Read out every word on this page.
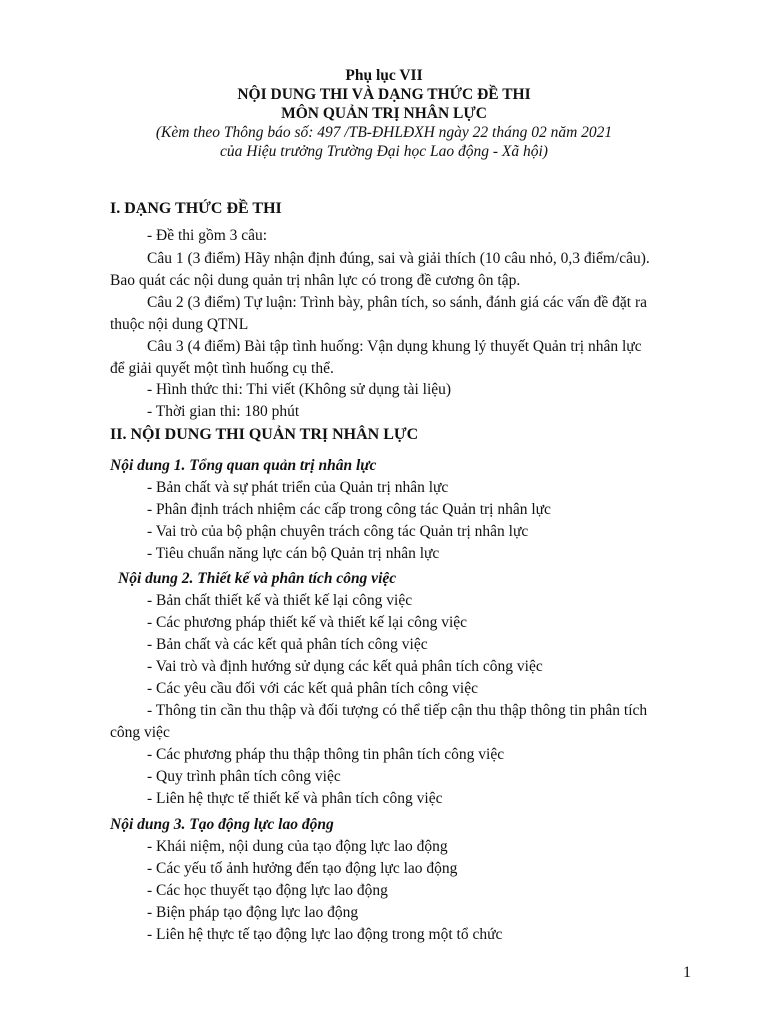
Phụ lục VII
NỘI DUNG THI VÀ DẠNG THỨC ĐỀ THI
MÔN QUẢN TRỊ NHÂN LỰC
(Kèm theo Thông báo số: 497 /TB-ĐHLĐXH ngày 22 tháng 02 năm 2021
của Hiệu trưởng Trường Đại học Lao động - Xã hội)
I. DẠNG THỨC ĐỀ THI
- Đề thi gồm 3 câu:
Câu 1 (3 điểm) Hãy nhận định đúng, sai và giải thích (10 câu nhỏ, 0,3 điểm/câu).
Bao quát các nội dung quản trị nhân lực có trong đề cương ôn tập.
Câu 2 (3 điểm) Tự luận: Trình bày, phân tích, so sánh, đánh giá các vấn đề đặt ra
thuộc nội dung QTNL
Câu 3 (4 điểm) Bài tập tình huống: Vận dụng khung lý thuyết Quản trị nhân lực
để giải quyết một tình huống cụ thể.
- Hình thức thi: Thi viết (Không sử dụng tài liệu)
- Thời gian thi: 180 phút
II. NỘI DUNG THI QUẢN TRỊ NHÂN LỰC
Nội dung 1. Tổng quan quản trị nhân lực
- Bản chất và sự phát triển của Quản trị nhân lực
- Phân định trách nhiệm các cấp trong công tác Quản trị nhân lực
- Vai trò của bộ phận chuyên trách công tác Quản trị nhân lực
- Tiêu chuẩn năng lực cán bộ Quản trị nhân lực
Nội dung 2. Thiết kế và phân tích công việc
- Bản chất thiết kế và thiết kế lại công việc
- Các phương pháp thiết kế và thiết kế lại công việc
- Bản chất và các kết quả phân tích công việc
- Vai trò và định hướng sử dụng các kết quả phân tích công việc
- Các yêu cầu đối với các kết quả phân tích công việc
- Thông tin cần thu thập và đối tượng có thể tiếp cận thu thập thông tin phân tích
công việc
- Các phương pháp thu thập thông tin phân tích công việc
- Quy trình phân tích công việc
- Liên hệ thực tế thiết kế và phân tích công việc
Nội dung 3. Tạo động lực lao động
- Khái niệm, nội dung của tạo động lực lao động
- Các yếu tố ảnh hưởng đến tạo động lực lao động
- Các học thuyết tạo động lực lao động
- Biện pháp tạo động lực lao động
- Liên hệ thực tế tạo động lực lao động trong một tổ chức
1
